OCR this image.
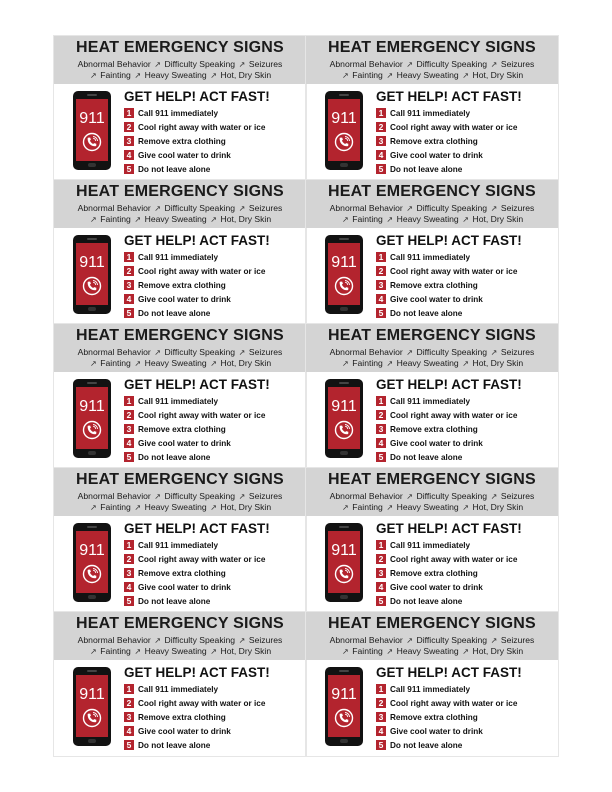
HEAT EMERGENCY SIGNS
Abnormal Behavior ↗ Difficulty Speaking ↗ Seizures
↗ Fainting ↗ Heavy Sweating ↗ Hot, Dry Skin
911
GET HELP! ACT FAST!
1 Call 911 immediately
2 Cool right away with water or ice
3 Remove extra clothing
4 Give cool water to drink
5 Do not leave alone
HEAT EMERGENCY SIGNS
Abnormal Behavior ↗ Difficulty Speaking ↗ Seizures
↗ Fainting ↗ Heavy Sweating ↗ Hot, Dry Skin
911
GET HELP! ACT FAST!
1 Call 911 immediately
2 Cool right away with water or ice
3 Remove extra clothing
4 Give cool water to drink
5 Do not leave alone
HEAT EMERGENCY SIGNS
Abnormal Behavior ↗ Difficulty Speaking ↗ Seizures
↗ Fainting ↗ Heavy Sweating ↗ Hot, Dry Skin
911
GET HELP! ACT FAST!
1 Call 911 immediately
2 Cool right away with water or ice
3 Remove extra clothing
4 Give cool water to drink
5 Do not leave alone
HEAT EMERGENCY SIGNS
Abnormal Behavior ↗ Difficulty Speaking ↗ Seizures
↗ Fainting ↗ Heavy Sweating ↗ Hot, Dry Skin
911
GET HELP! ACT FAST!
1 Call 911 immediately
2 Cool right away with water or ice
3 Remove extra clothing
4 Give cool water to drink
5 Do not leave alone
HEAT EMERGENCY SIGNS
Abnormal Behavior ↗ Difficulty Speaking ↗ Seizures
↗ Fainting ↗ Heavy Sweating ↗ Hot, Dry Skin
911
GET HELP! ACT FAST!
1 Call 911 immediately
2 Cool right away with water or ice
3 Remove extra clothing
4 Give cool water to drink
5 Do not leave alone
HEAT EMERGENCY SIGNS
Abnormal Behavior ↗ Difficulty Speaking ↗ Seizures
↗ Fainting ↗ Heavy Sweating ↗ Hot, Dry Skin
911
GET HELP! ACT FAST!
1 Call 911 immediately
2 Cool right away with water or ice
3 Remove extra clothing
4 Give cool water to drink
5 Do not leave alone
HEAT EMERGENCY SIGNS
Abnormal Behavior ↗ Difficulty Speaking ↗ Seizures
↗ Fainting ↗ Heavy Sweating ↗ Hot, Dry Skin
911
GET HELP! ACT FAST!
1 Call 911 immediately
2 Cool right away with water or ice
3 Remove extra clothing
4 Give cool water to drink
5 Do not leave alone
HEAT EMERGENCY SIGNS
Abnormal Behavior ↗ Difficulty Speaking ↗ Seizures
↗ Fainting ↗ Heavy Sweating ↗ Hot, Dry Skin
911
GET HELP! ACT FAST!
1 Call 911 immediately
2 Cool right away with water or ice
3 Remove extra clothing
4 Give cool water to drink
5 Do not leave alone
HEAT EMERGENCY SIGNS
Abnormal Behavior ↗ Difficulty Speaking ↗ Seizures
↗ Fainting ↗ Heavy Sweating ↗ Hot, Dry Skin
911
GET HELP! ACT FAST!
1 Call 911 immediately
2 Cool right away with water or ice
3 Remove extra clothing
4 Give cool water to drink
5 Do not leave alone
HEAT EMERGENCY SIGNS
Abnormal Behavior ↗ Difficulty Speaking ↗ Seizures
↗ Fainting ↗ Heavy Sweating ↗ Hot, Dry Skin
911
GET HELP! ACT FAST!
1 Call 911 immediately
2 Cool right away with water or ice
3 Remove extra clothing
4 Give cool water to drink
5 Do not leave alone
